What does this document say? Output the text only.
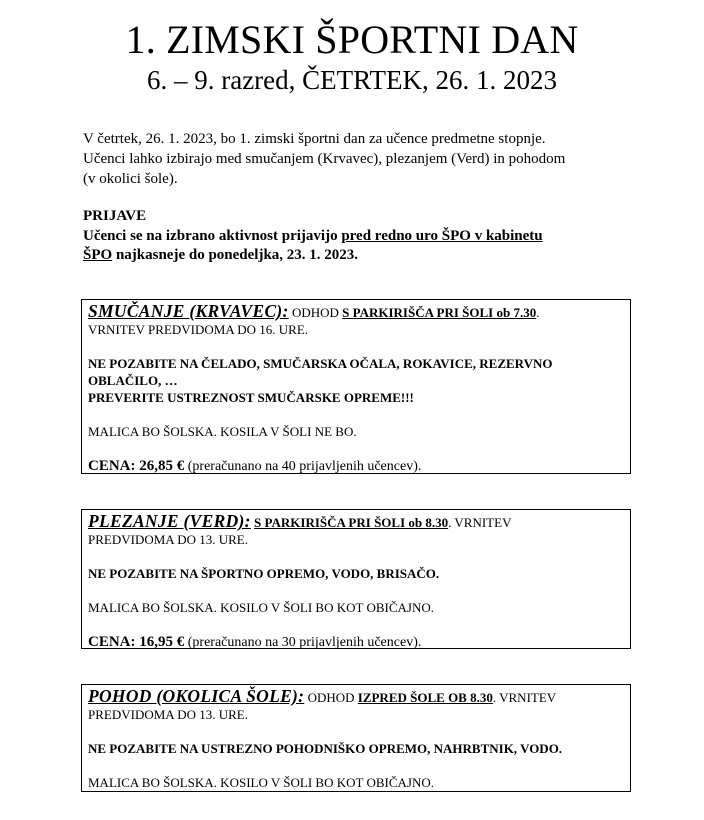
1. ZIMSKI ŠPORTNI DAN
6. – 9. razred, ČETRTEK, 26. 1. 2023
V četrtek, 26. 1. 2023, bo 1. zimski športni dan za učence predmetne stopnje.
Učenci lahko izbirajo med smučanjem (Krvavec), plezanjem (Verd) in pohodom
(v okolici šole).
PRIJAVE
Učenci se na izbrano aktivnost prijavijo pred redno uro ŠPO v kabinetu
ŠPO najkasneje do ponedeljka, 23. 1. 2023.

SMUČANJE (KRVAVEC): ODHOD S PARKIRIŠČA PRI ŠOLI ob 7.30.

VRNITEV PREDVIDOMA DO 16. URE.

NE POZABITE NA ČELADO, SMUČARSKA OČALA, ROKAVICE, REZERVNO

OBLAČILO, …

PREVERITE USTREZNOST SMUČARSKE OPREME!!!

MALICA BO ŠOLSKA. KOSILA V ŠOLI NE BO.

CENA: 26,85 € (preračunano na 40 prijavljenih učencev).

PLEZANJE (VERD): S PARKIRIŠČA PRI ŠOLI ob 8.30. VRNITEV

PREDVIDOMA DO 13. URE.

NE POZABITE NA ŠPORTNO OPREMO, VODO, BRISAČO.

MALICA BO ŠOLSKA. KOSILO V ŠOLI BO KOT OBIČAJNO.

CENA: 16,95 € (preračunano na 30 prijavljenih učencev).

POHOD (OKOLICA ŠOLE): ODHOD IZPRED ŠOLE OB 8.30. VRNITEV

PREDVIDOMA DO 13. URE.

NE POZABITE NA USTREZNO POHODNIŠKO OPREMO, NAHRBTNIK, VODO.

MALICA BO ŠOLSKA. KOSILO V ŠOLI BO KOT OBIČAJNO.
